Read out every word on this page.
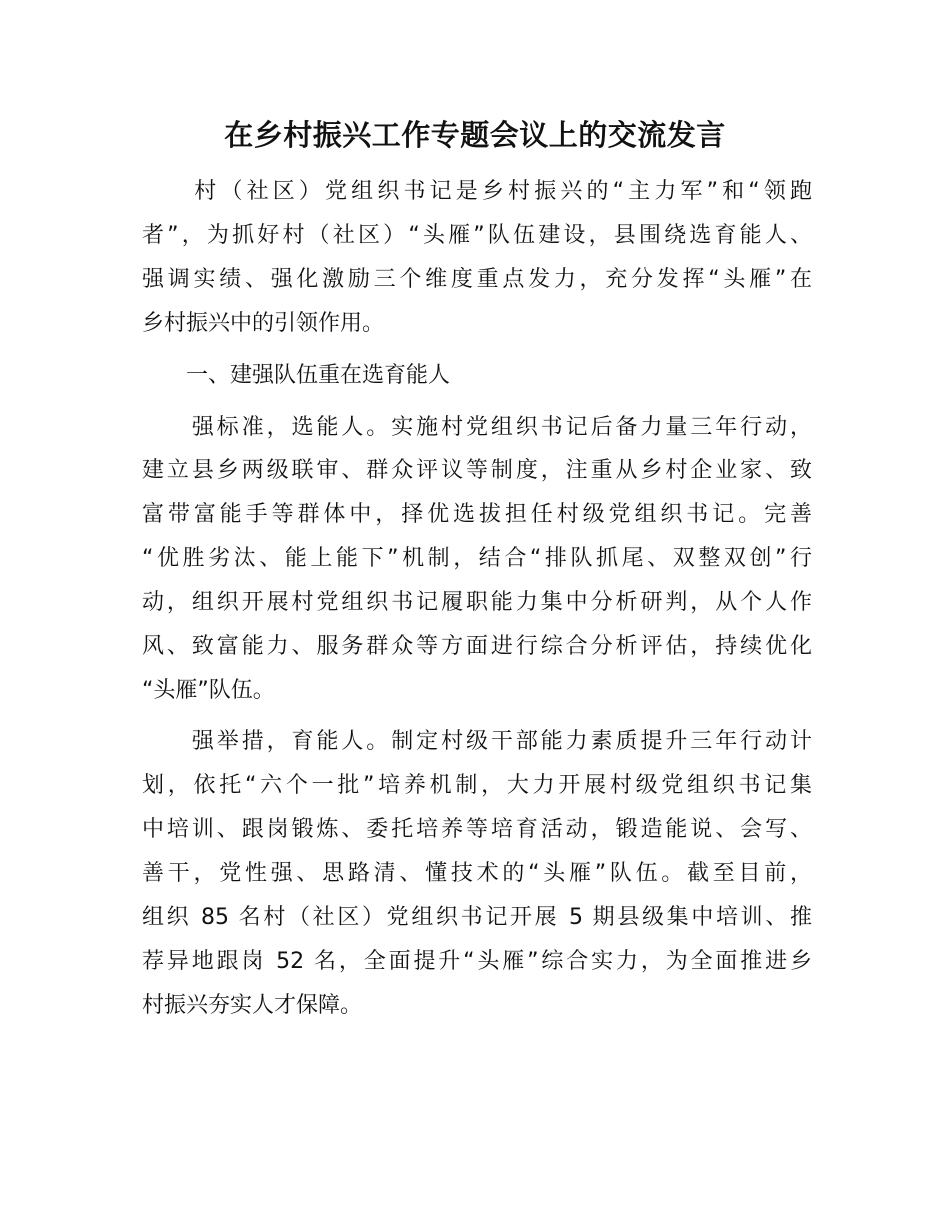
在乡村振兴工作专题会议上的交流发言

　　村（社区）党组织书记是乡村振兴的“主力军”和“领跑

者”，为抓好村（社区）“头雁”队伍建设，县围绕选育能人、

强调实绩、强化激励三个维度重点发力，充分发挥“头雁”在

乡村振兴中的引领作用。

　　一、建强队伍重在选育能人

　　强标准，选能人。实施村党组织书记后备力量三年行动，

建立县乡两级联审、群众评议等制度，注重从乡村企业家、致

富带富能手等群体中，择优选拔担任村级党组织书记。完善

“优胜劣汰、能上能下”机制，结合“排队抓尾、双整双创”行

动，组织开展村党组织书记履职能力集中分析研判，从个人作

风、致富能力、服务群众等方面进行综合分析评估，持续优化

“头雁”队伍。

　　强举措，育能人。制定村级干部能力素质提升三年行动计

划，依托“六个一批”培养机制，大力开展村级党组织书记集

中培训、跟岗锻炼、委托培养等培育活动，锻造能说、会写、

善干，党性强、思路清、懂技术的“头雁”队伍。截至目前，

组织 85 名村（社区）党组织书记开展 5 期县级集中培训、推

荐异地跟岗 52 名，全面提升“头雁”综合实力，为全面推进乡

村振兴夯实人才保障。
